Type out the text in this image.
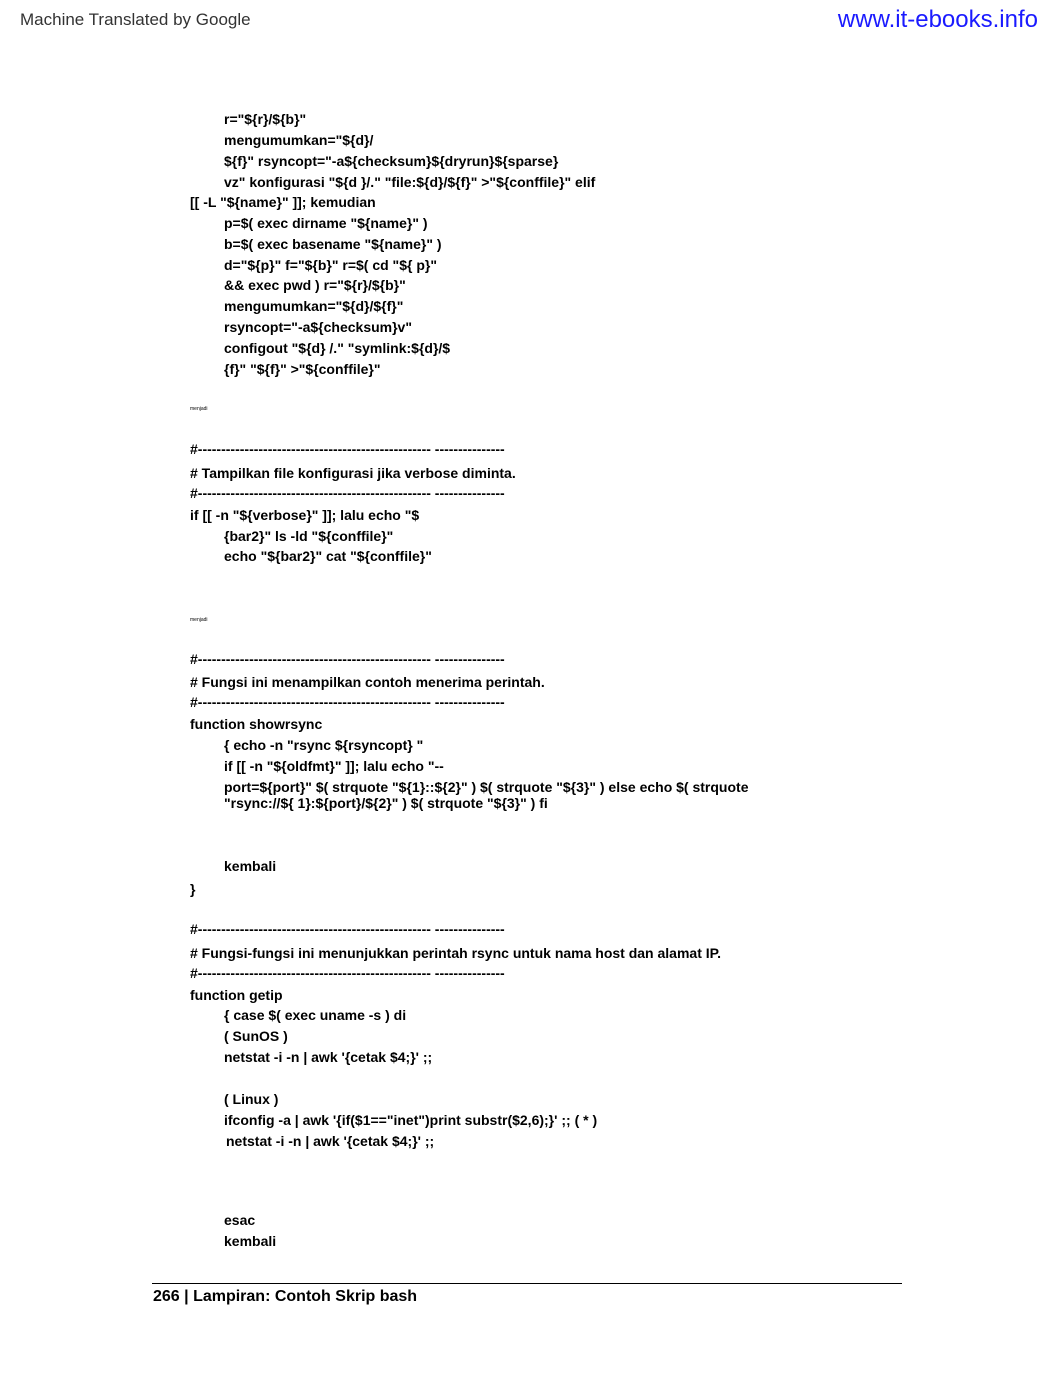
Machine Translated by Google	www.it-ebooks.info
r="${r}/${b}"
mengumumkan="${d}/
${f}" rsyncopt="-a${checksum}${dryrun}${sparse}
vz" konfigurasi "${d }/." "file:${d}/${f}" >"${conffile}" elif
[[ -L "${name}" ]]; kemudian
p=$( exec dirname "${name}" )
b=$( exec basename "${name}" )
d="${p}" f="${b}" r=$( cd "${ p}"
&& exec pwd ) r="${r}/${b}"
mengumumkan="${d}/${f}"
rsyncopt="-a${checksum}v"
configout "${d} /." "symlink:${d}/$
{f}" "${f}" >"${conffile}"
menjadi
#-------------------------------------------------- ---------------
# Tampilkan file konfigurasi jika verbose diminta.
#-------------------------------------------------- ---------------
if [[ -n "${verbose}" ]]; lalu echo "$
{bar2}" ls -ld "${conffile}"
echo "${bar2}" cat "${conffile}"
menjadi
#-------------------------------------------------- ---------------
# Fungsi ini menampilkan contoh menerima perintah.
#-------------------------------------------------- ---------------
function showrsync
{ echo -n "rsync ${rsyncopt} "
if [[ -n "${oldfmt}" ]]; lalu echo "--
port=${port}" $( strquote "${1}::${2}" ) $( strquote "${3}" ) else echo $( strquote
"rsync://${ 1}:${port}/${2}" ) $( strquote "${3}" ) fi
kembali
}
#-------------------------------------------------- ---------------
# Fungsi-fungsi ini menunjukkan perintah rsync untuk nama host dan alamat IP.
#-------------------------------------------------- ---------------
function getip
{ case $( exec uname -s ) di
( SunOS )
netstat -i -n | awk '{cetak $4;}' ;;
( Linux )
ifconfig -a | awk '{if($1=="inet")print substr($2,6);}' ;; ( * )
netstat -i -n | awk '{cetak $4;}' ;;
esac
kembali
266 | Lampiran: Contoh Skrip bash
